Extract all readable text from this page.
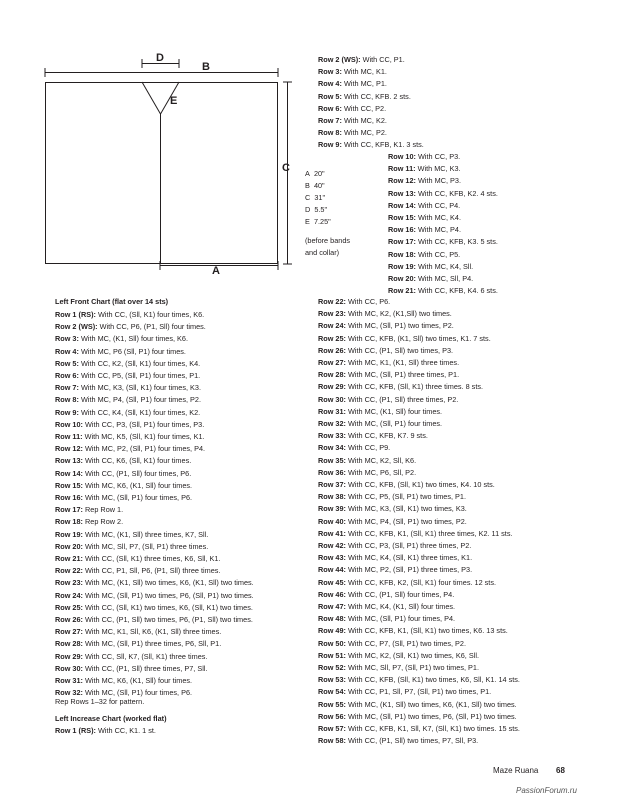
D
B
E
C
A
A 20"
B 40"
C 31"
D 5.5"
E 7.25"
(before bands
and collar)
Left Front Chart (flat over 14 sts)
Row 1 (RS): With CC, (Sll, K1) four times, K6.
Row 2 (WS): With CC, P6, (P1, Sll) four times.
Row 3: With MC, (K1, Sll) four times, K6.
Row 4: With MC, P6 (Sll, P1) four times.
Row 5: With CC, K2, (Sll, K1) four times, K4.
Row 6: With CC, P5, (Sll, P1) four times, P1.
Row 7: With MC, K3, (Sll, K1) four times, K3.
Row 8: With MC, P4, (Sll, P1) four times, P2.
Row 9: With CC, K4, (Sll, K1) four times, K2.
Row 10: With CC, P3, (Sll, P1) four times, P3.
Row 11: With MC, K5, (Sll, K1) four times, K1.
Row 12: With MC, P2, (Sll, P1) four times, P4.
Row 13: With CC, K6, (Sll, K1) four times.
Row 14: With CC, (P1, Sll) four times, P6.
Row 15: With MC, K6, (K1, Sll) four times.
Row 16: With MC, (Sll, P1) four times, P6.
Row 17: Rep Row 1.
Row 18: Rep Row 2.
Row 19: With MC, (K1, Sll) three times, K7, Sll.
Row 20: With MC, Sll, P7, (Sll, P1) three times.
Row 21: With CC, (Sll, K1) three times, K6, Sll, K1.
Row 22: With CC, P1, Sll, P6, (P1, Sll) three times.
Row 23: With MC, (K1, Sll) two times, K6, (K1, Sll) two times.
Row 24: With MC, (Sll, P1) two times, P6, (Sll, P1) two times.
Row 25: With CC, (Sll, K1) two times, K6, (Sll, K1) two times.
Row 26: With CC, (P1, Sll) two times, P6, (P1, Sll) two times.
Row 27: With MC, K1, Sll, K6, (K1, Sll) three times.
Row 28: With MC, (Sll, P1) three times, P6, Sll, P1.
Row 29: With CC, Sll, K7, (Sll, K1) three times.
Row 30: With CC, (P1, Sll) three times, P7, Sll.
Row 31: With MC, K6, (K1, Sll) four times.
Row 32: With MC, (Sll, P1) four times, P6.
Rep Rows 1–32 for pattern.
Left Increase Chart (worked flat)
Row 1 (RS): With CC, K1. 1 st.
Row 2 (WS): With CC, P1.
Row 3: With MC, K1.
Row 4: With MC, P1.
Row 5: With CC, KFB. 2 sts.
Row 6: With CC, P2.
Row 7: With MC, K2.
Row 8: With MC, P2.
Row 9: With CC, KFB, K1. 3 sts.
Row 10: With CC, P3.
Row 11: With MC, K3.
Row 12: With MC, P3.
Row 13: With CC, KFB, K2. 4 sts.
Row 14: With CC, P4.
Row 15: With MC, K4.
Row 16: With MC, P4.
Row 17: With CC, KFB, K3. 5 sts.
Row 18: With CC, P5.
Row 19: With MC, K4, Sll.
Row 20: With MC, Sll, P4.
Row 21: With CC, KFB, K4. 6 sts.
Row 22: With CC, P6.
Row 23: With MC, K2, (K1,Sll) two times.
Row 24: With MC, (Sll, P1) two times, P2.
Row 25: With CC, KFB, (K1, Sll) two times, K1. 7 sts.
Row 26: With CC, (P1, Sll) two times, P3.
Row 27: With MC, K1, (K1, Sll) three times.
Row 28: With MC, (Sll, P1) three times, P1.
Row 29: With CC, KFB, (Sll, K1) three times. 8 sts.
Row 30: With CC, (P1, Sll) three times, P2.
Row 31: With MC, (K1, Sll) four times.
Row 32: With MC, (Sll, P1) four times.
Row 33: With CC, KFB, K7. 9 sts.
Row 34: With CC, P9.
Row 35: With MC, K2, Sll, K6.
Row 36: With MC, P6, Sll, P2.
Row 37: With CC, KFB, (Sll, K1) two times, K4. 10 sts.
Row 38: With CC, P5, (Sll, P1) two times, P1.
Row 39: With MC, K3, (Sll, K1) two times, K3.
Row 40: With MC, P4, (Sll, P1) two times, P2.
Row 41: With CC, KFB, K1, (Sll, K1) three times, K2. 11 sts.
Row 42: With CC, P3, (Sll, P1) three times, P2.
Row 43: With MC, K4, (Sll, K1) three times, K1.
Row 44: With MC, P2, (Sll, P1) three times, P3.
Row 45: With CC, KFB, K2, (Sll, K1) four times. 12 sts.
Row 46: With CC, (P1, Sll) four times, P4.
Row 47: With MC, K4, (K1, Sll) four times.
Row 48: With MC, (Sll, P1) four times, P4.
Row 49: With CC, KFB, K1, (Sll, K1) two times, K6. 13 sts.
Row 50: With CC, P7, (Sll, P1) two times, P2.
Row 51: With MC, K2, (Sll, K1) two times, K6, Sll.
Row 52: With MC, Sll, P7, (Sll, P1) two times, P1.
Row 53: With CC, KFB, (Sll, K1) two times, K6, Sll, K1. 14 sts.
Row 54: With CC, P1, Sll, P7, (Sll, P1) two times, P1.
Row 55: With MC, (K1, Sll) two times, K6, (K1, Sll) two times.
Row 56: With MC, (Sll, P1) two times, P6, (Sll, P1) two times.
Row 57: With CC, KFB, K1, Sll, K7, (Sll, K1) two times. 15 sts.
Row 58: With CC, (P1, Sll) two times, P7, Sll, P3.
Maze Ruana 68
PassionForum.ru
